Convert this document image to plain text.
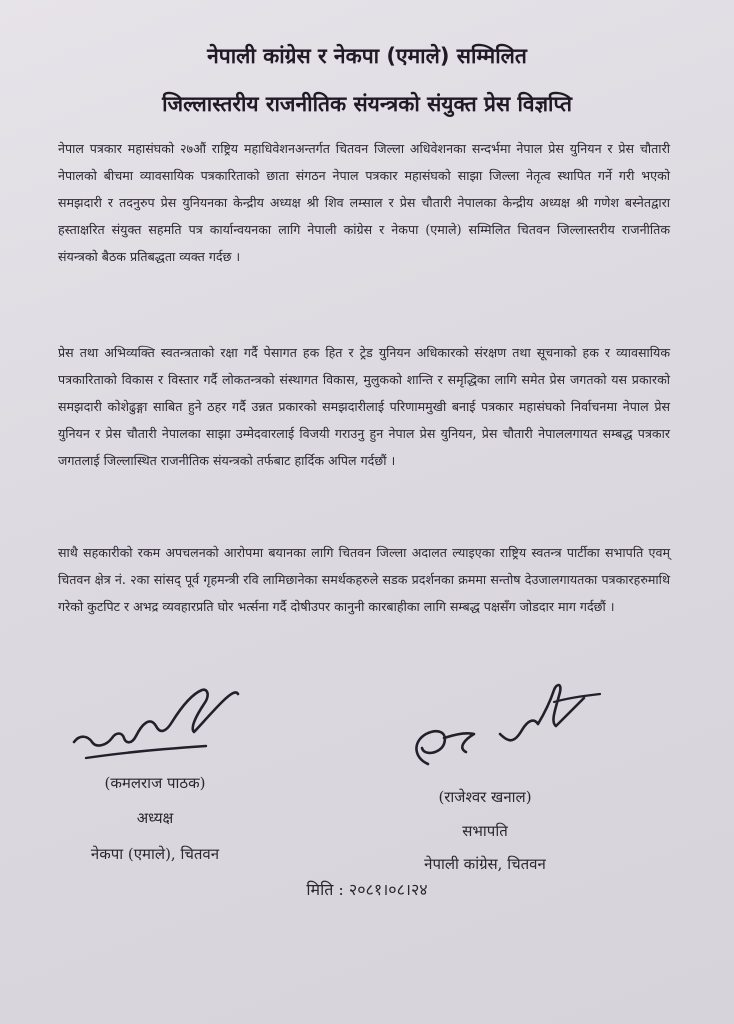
नेपाली कांग्रेस र नेकपा (एमाले) सम्मिलित
जिल्लास्तरीय राजनीतिक संयन्त्रको संयुक्त प्रेस विज्ञप्ति

नेपाल पत्रकार महासंघको २७औं राष्ट्रिय महाधिवेशनअन्तर्गत चितवन जिल्ला अधिवेशनका सन्दर्भमा नेपाल प्रेस युनियन र प्रेस चौतारी नेपालको बीचमा व्यावसायिक पत्रकारिताको छाता संगठन नेपाल पत्रकार महासंघको साझा जिल्ला नेतृत्व स्थापित गर्ने गरी भएको समझदारी र तदनुरुप प्रेस युनियनका केन्द्रीय अध्यक्ष श्री शिव लम्साल र प्रेस चौतारी नेपालका केन्द्रीय अध्यक्ष श्री गणेश बस्नेतद्वारा हस्ताक्षरित संयुक्त सहमति पत्र कार्यान्वयनका लागि नेपाली कांग्रेस र नेकपा (एमाले) सम्मिलित चितवन जिल्लास्तरीय राजनीतिक संयन्त्रको बैठक प्रतिबद्धता व्यक्त गर्दछ ।

प्रेस तथा अभिव्यक्ति स्वतन्त्रताको रक्षा गर्दै पेसागत हक हित र ट्रेड युनियन अधिकारको संरक्षण तथा सूचनाको हक र व्यावसायिक पत्रकारिताको विकास र विस्तार गर्दै लोकतन्त्रको संस्थागत विकास, मुलुकको शान्ति र समृद्धिका लागि समेत प्रेस जगतको यस प्रकारको समझदारी कोशेढुङ्गा साबित हुने ठहर गर्दै उन्नत प्रकारको समझदारीलाई परिणाममुखी बनाई पत्रकार महासंघको निर्वाचनमा नेपाल प्रेस युनियन र प्रेस चौतारी नेपालका साझा उम्मेदवारलाई विजयी गराउनु हुन नेपाल प्रेस युनियन, प्रेस चौतारी नेपाललगायत सम्बद्ध पत्रकार जगतलाई जिल्लास्थित राजनीतिक संयन्त्रको तर्फबाट हार्दिक अपिल गर्दछौं ।

साथै सहकारीको रकम अपचलनको आरोपमा बयानका लागि चितवन जिल्ला अदालत ल्याइएका राष्ट्रिय स्वतन्त्र पार्टीका सभापति एवम् चितवन क्षेत्र नं. २का सांसद् पूर्व गृहमन्त्री रवि लामिछानेका समर्थकहरुले सडक प्रदर्शनका क्रममा सन्तोष देउजालगायतका पत्रकारहरुमाथि गरेको कुटपिट र अभद्र व्यवहारप्रति घोर भर्त्सना गर्दै दोषीउपर कानुनी कारबाहीका लागि सम्बद्ध पक्षसँग जोडदार माग गर्दछौं ।

(कमलराज पाठक)
अध्यक्ष
नेकपा (एमाले), चितवन
(राजेश्वर खनाल)
सभापति
नेपाली कांग्रेस, चितवन
मिति : २०८१।०८।२४
